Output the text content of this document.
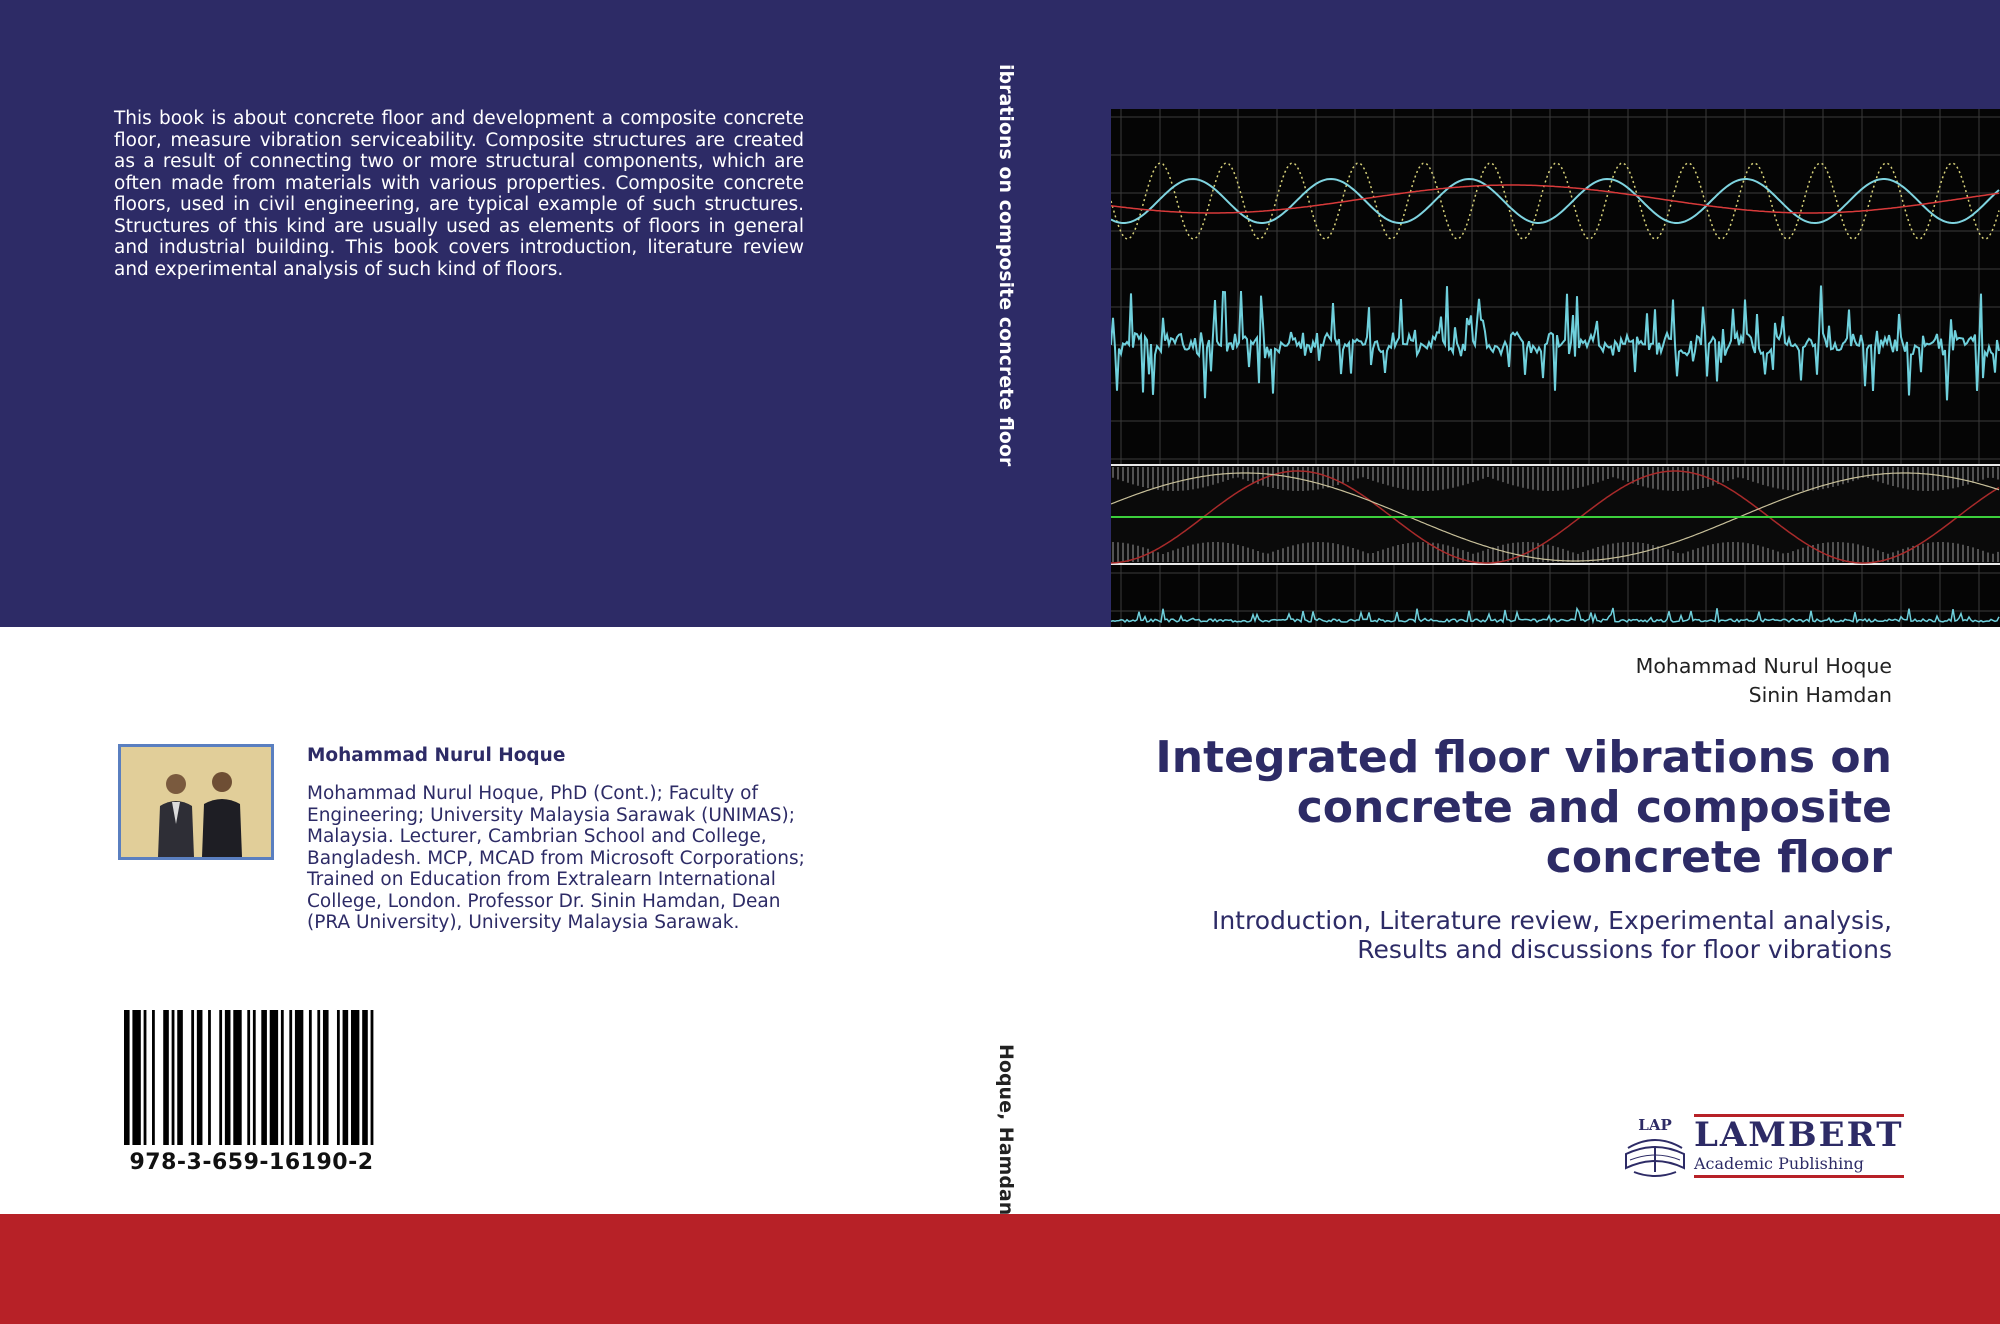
This book is about concrete floor and development a composite concrete floor, measure vibration serviceability. Composite structures are created as a result of connecting two or more structural components, which are often made from materials with various properties. Composite concrete floors, used in civil engineering, are typical example of such structures. Structures of this kind are usually used as elements of floors in general and industrial building. This book covers introduction, literature review and experimental analysis of such kind of floors.	ibrations on composite concrete floor
Hoque, Hamdan
Mohammad Nurul Hoque
Sinin Hamdan
Integrated floor vibrations on concrete and composite concrete floor
Introduction, Literature review, Experimental analysis, Results and discussions for floor vibrations
Mohammad Nurul Hoque
Mohammad Nurul Hoque, PhD (Cont.); Faculty of Engineering; University Malaysia Sarawak (UNIMAS); Malaysia. Lecturer, Cambrian School and College, Bangladesh. MCP, MCAD from Microsoft Corporations; Trained on Education from Extralearn International College, London. Professor Dr. Sinin Hamdan, Dean (PRA University), University Malaysia Sarawak.
978-3-659-16190-2
LAP LAMBERT
Academic Publishing
